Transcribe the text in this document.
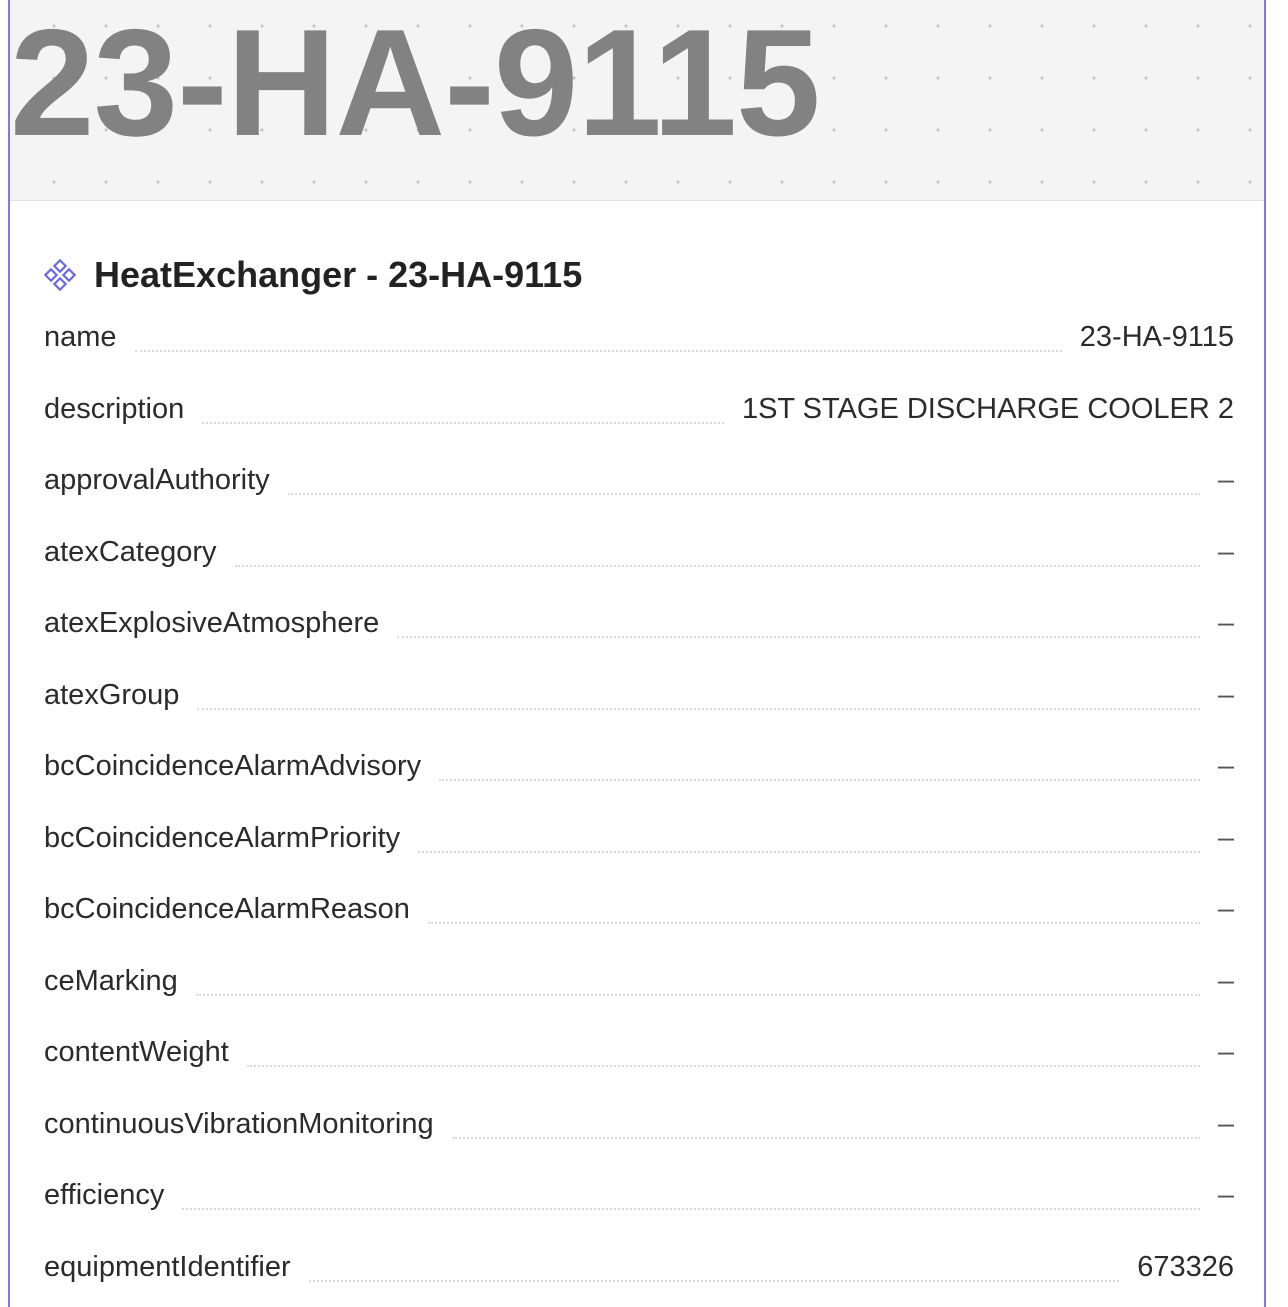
23-HA-9115
HeatExchanger - 23-HA-9115
name	23-HA-9115
description	1ST STAGE DISCHARGE COOLER 2
approvalAuthority	–
atexCategory	–
atexExplosiveAtmosphere	–
atexGroup	–
bcCoincidenceAlarmAdvisory	–
bcCoincidenceAlarmPriority	–
bcCoincidenceAlarmReason	–
ceMarking	–
contentWeight	–
continuousVibrationMonitoring	–
efficiency	–
equipmentIdentifier	673326
